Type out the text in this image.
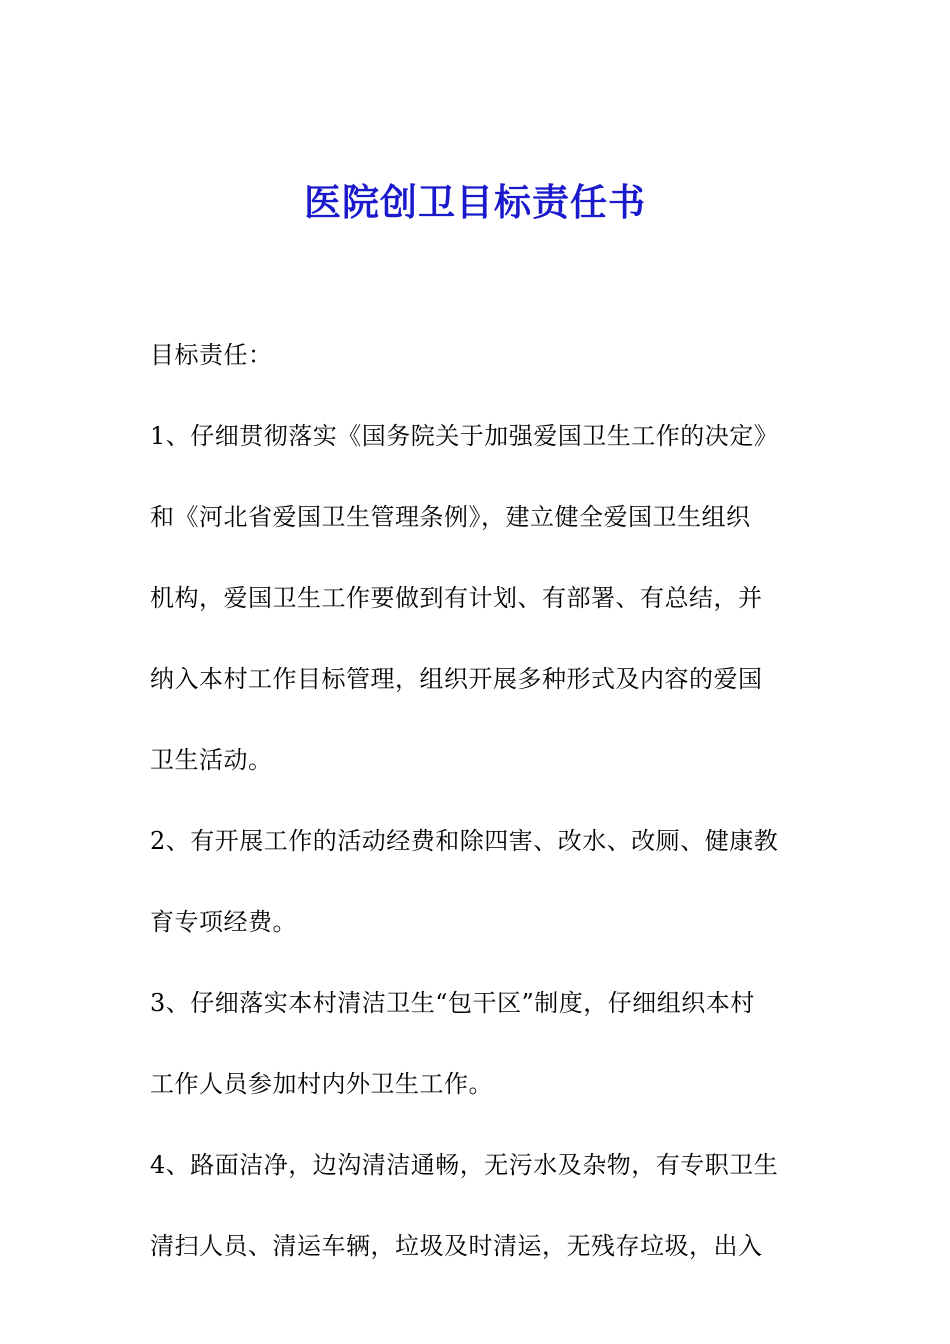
医院创卫目标责任书
目标责任：
1、仔细贯彻落实《国务院关于加强爱国卫生工作的决定》
和《河北省爱国卫生管理条例》，建立健全爱国卫生组织
机构，爱国卫生工作要做到有计划、有部署、有总结，并
纳入本村工作目标管理，组织开展多种形式及内容的爱国
卫生活动。
2、有开展工作的活动经费和除四害、改水、改厕、健康教
育专项经费。
3、仔细落实本村清洁卫生“包干区”制度，仔细组织本村
工作人员参加村内外卫生工作。
4、路面洁净，边沟清洁通畅，无污水及杂物，有专职卫生
清扫人员、清运车辆，垃圾及时清运，无残存垃圾，出入
